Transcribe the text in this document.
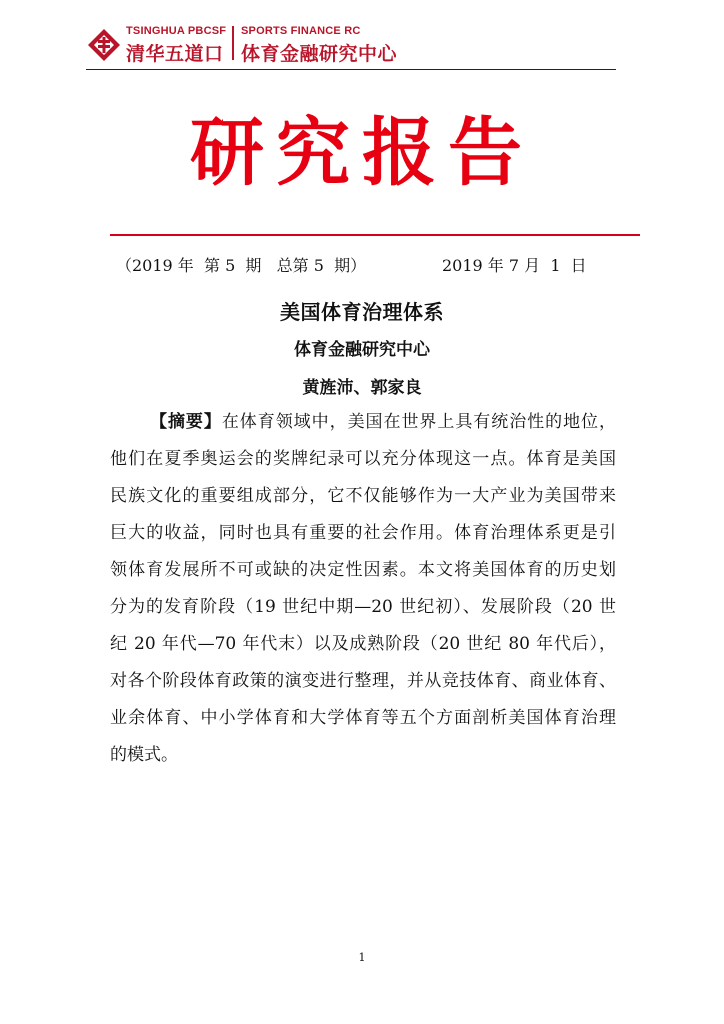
TSINGHUA PBCSF
清华五道口
SPORTS FINANCE RC
体育金融研究中心
研究报告

（2019 年  第 5  期   总第 5  期）

	2019 年 7 月  1  日

美国体育治理体系
体育金融研究中心
黄旌沛、郭家良
【摘要】在体育领域中，美国在世界上具有统治性的地位，
他们在夏季奥运会的奖牌纪录可以充分体现这一点。体育是美国
民族文化的重要组成部分，它不仅能够作为一大产业为美国带来
巨大的收益，同时也具有重要的社会作用。体育治理体系更是引
领体育发展所不可或缺的决定性因素。本文将美国体育的历史划
分为的发育阶段（19 世纪中期—20 世纪初）、发展阶段（20 世
纪 20 年代—70 年代末）以及成熟阶段（20 世纪 80 年代后），
对各个阶段体育政策的演变进行整理，并从竞技体育、商业体育、
业余体育、中小学体育和大学体育等五个方面剖析美国体育治理
的模式。
1
